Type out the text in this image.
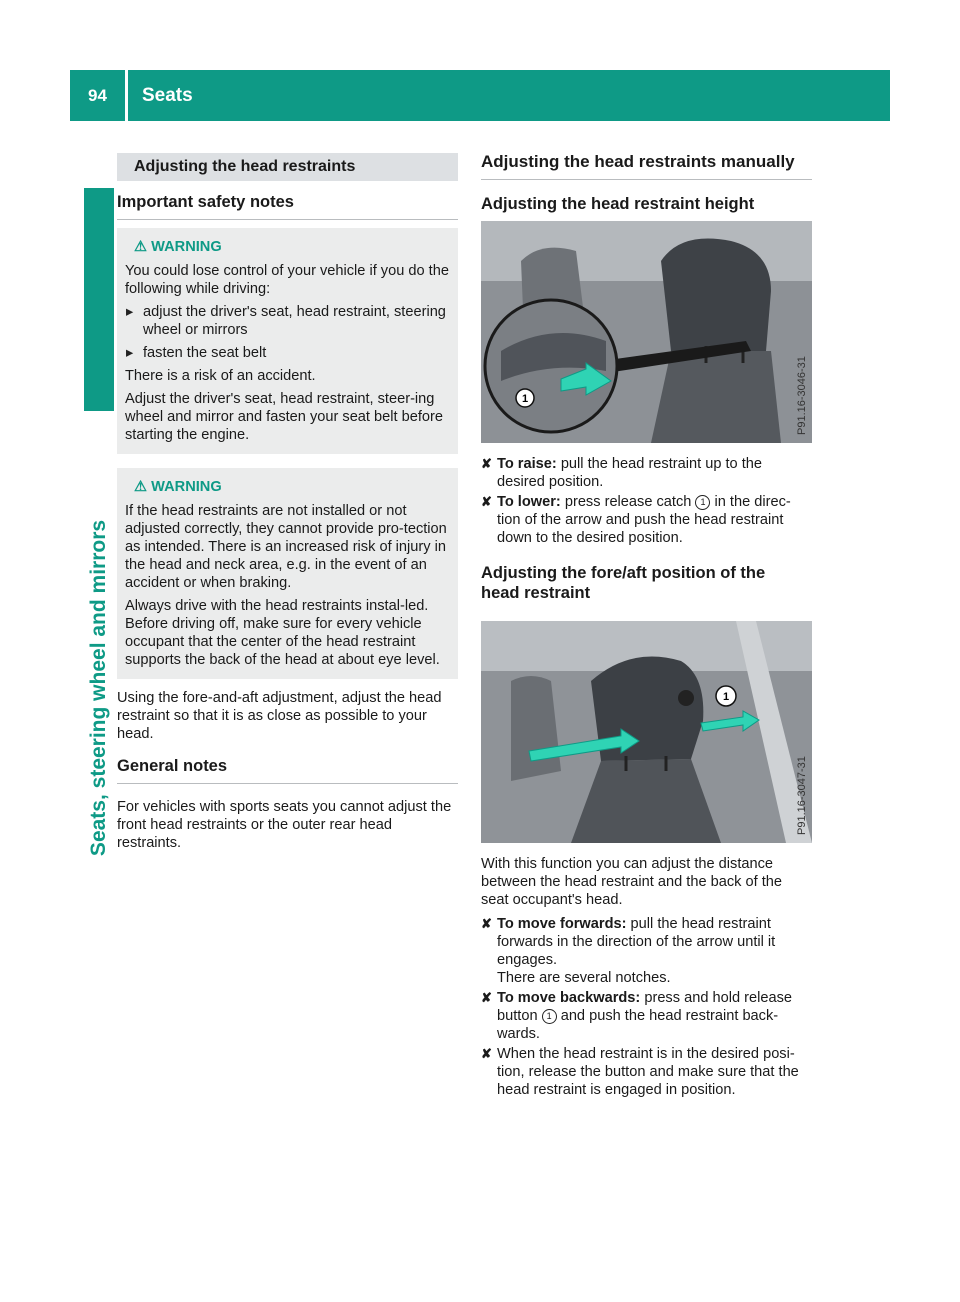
94	Seats
Seats, steering wheel and mirrors
Adjusting the head restraints
Important safety notes
⚠︎ WARNING

You could lose control of your vehicle if you do the following while driving:

▸ adjust the driver's seat, head restraint, steering wheel or mirrors

▸ fasten the seat belt

There is a risk of an accident.

Adjust the driver's seat, head restraint, steer-ing wheel and mirror and fasten your seat belt before starting the engine.

⚠︎ WARNING

If the head restraints are not installed or not adjusted correctly, they cannot provide pro-tection as intended. There is an increased risk of injury in the head and neck area, e.g. in the event of an accident or when braking.

Always drive with the head restraints instal-led. Before driving off, make sure for every vehicle occupant that the center of the head restraint supports the back of the head at about eye level.

Using the fore-and-aft adjustment, adjust the head restraint so that it is as close as possible to your head.

General notes

For vehicles with sports seats you cannot adjust the front head restraints or the outer rear head restraints.

Adjusting the head restraints manually
Adjusting the head restraint height
1	P91.16-3046-31
✘ To raise: pull the head restraint up to the desired position.
✘ To lower: press release catch 1 in the direc-tion of the arrow and push the head restraint down to the desired position.
Adjusting the fore/aft position of the head restraint
1
P91.16-3047-31

With this function you can adjust the distance between the head restraint and the back of the seat occupant's head.

✘ To move forwards: pull the head restraint forwards in the direction of the arrow until it engages.
There are several notches.
✘ To move backwards: press and hold release button 1 and push the head restraint back-wards.
✘ When the head restraint is in the desired posi-tion, release the button and make sure that the head restraint is engaged in position.
